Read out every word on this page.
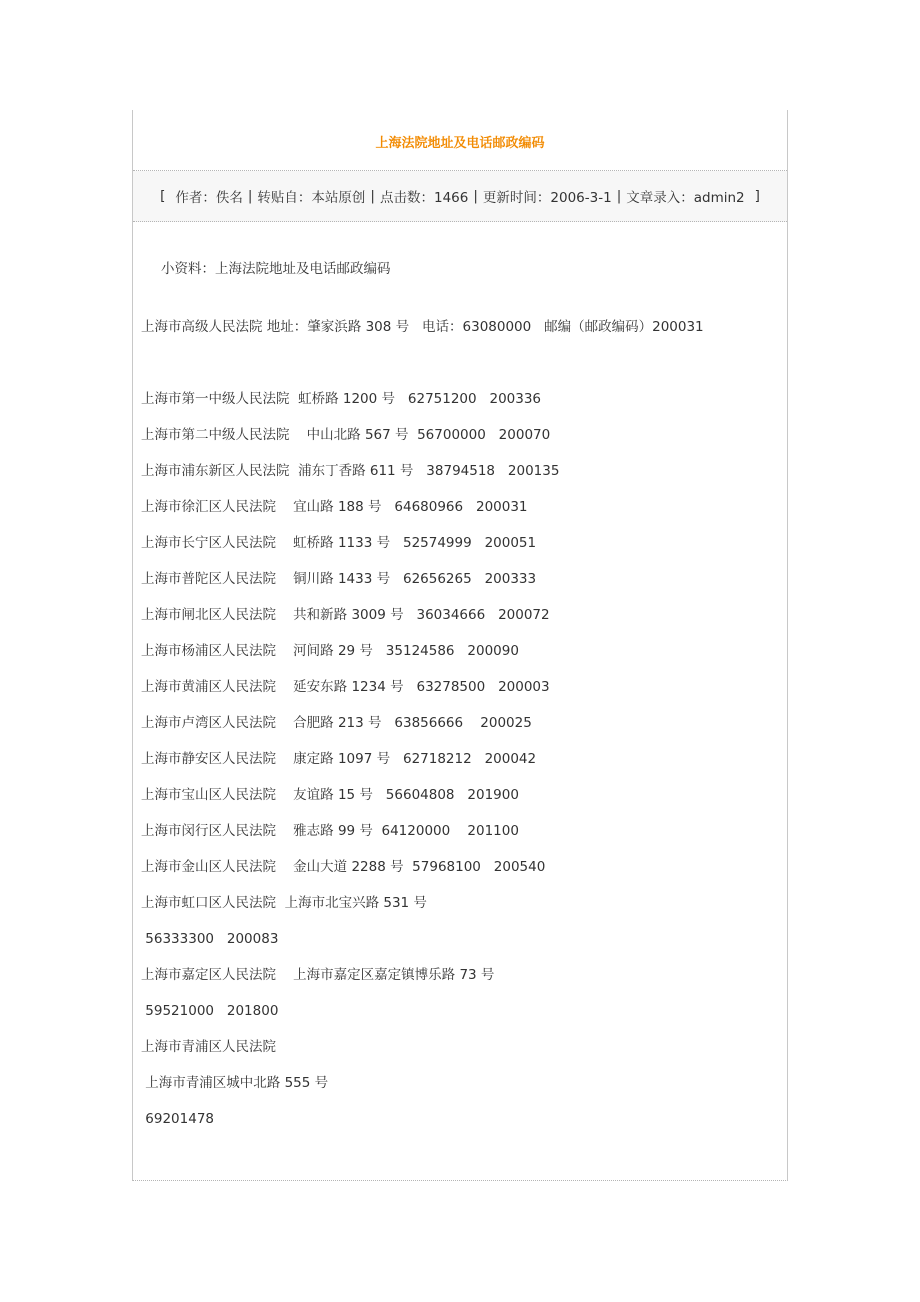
上海法院地址及电话邮政编码
[ 作者：佚名 | 转贴自：本站原创 | 点击数：1466 | 更新时间：2006-3-1 | 文章录入：admin2 ]
小资料：上海法院地址及电话邮政编码
上海市高级人民法院 地址：肇家浜路 308 号   电话：63080000   邮编（邮政编码）200031
上海市第一中级人民法院  虹桥路 1200 号   62751200   200336
上海市第二中级人民法院    中山北路 567 号  56700000   200070
上海市浦东新区人民法院  浦东丁香路 611 号   38794518   200135
上海市徐汇区人民法院    宜山路 188 号   64680966   200031
上海市长宁区人民法院    虹桥路 1133 号   52574999   200051
上海市普陀区人民法院    铜川路 1433 号   62656265   200333
上海市闸北区人民法院    共和新路 3009 号   36034666   200072
上海市杨浦区人民法院    河间路 29 号   35124586   200090
上海市黄浦区人民法院    延安东路 1234 号   63278500   200003
上海市卢湾区人民法院    合肥路 213 号   63856666    200025
上海市静安区人民法院    康定路 1097 号   62718212   200042
上海市宝山区人民法院    友谊路 15 号   56604808   201900
上海市闵行区人民法院    雅志路 99 号  64120000    201100
上海市金山区人民法院    金山大道 2288 号  57968100   200540
上海市虹口区人民法院  上海市北宝兴路 531 号
56333300   200083
上海市嘉定区人民法院    上海市嘉定区嘉定镇博乐路 73 号
59521000   201800
上海市青浦区人民法院
上海市青浦区城中北路 555 号
69201478
